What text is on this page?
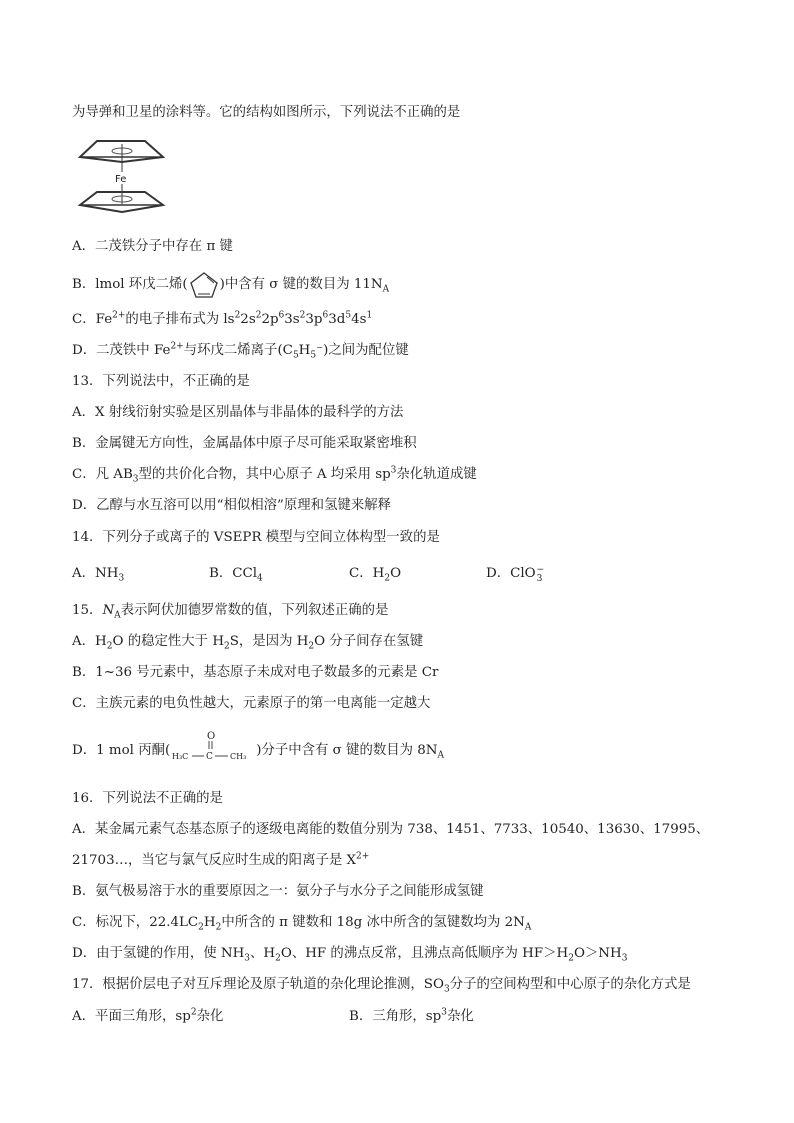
为导弹和卫星的涂料等。它的结构如图所示，下列说法不正确的是
Fe
A．二茂铁分子中存在 π 键
B．lmol 环戊二烯( )中含有 σ 键的数目为 $11N_A$
C．$Fe^{2+}$的电子排布式为 $ls^22s^22p^63s^23p^63d^54s^1$
D．二茂铁中 $Fe^{2+}$与环戊二烯离子$(C_5H_5^-)$之间为配位键
13．下列说法中，不正确的是
A．X 射线衍射实验是区别晶体与非晶体的最科学的方法
B．金属键无方向性，金属晶体中原子尽可能采取紧密堆积
C．凡 $AB_3$型的共价化合物，其中心原子 A 均采用 $sp^3$杂化轨道成键
D．乙醇与水互溶可以用“相似相溶”原理和氢键来解释
14．下列分子或离子的 VSEPR 模型与空间立体构型一致的是
A．$NH_3$	B．CCl$_4$	C．$H_2O$	D．ClO −
3
15．$N_A$表示阿伏加德罗常数的值，下列叙述正确的是
A．$H_2O$ 的稳定性大于 $H_2S$，是因为 $H_2O$ 分子间存在氢键
B．1~36 号元素中，基态原子未成对电子数最多的元素是 Cr
C．主族元素的电负性越大，元素原子的第一电离能一定越大
D．1 mol 丙酮(
O
H₃C C CH₃ )分子中含有 σ 键的数目为 $8N_A$
16．下列说法不正确的是
A．某金属元素气态基态原子的逐级电离能的数值分别为 738、1451、7733、10540、13630、17995、
21703…，当它与氯气反应时生成的阳离子是 $X^{2+}$
B．氨气极易溶于水的重要原因之一：氨分子与水分子之间能形成氢键
C．标况下，$22.4LC_2H_2$中所含的 π 键数和 18g 冰中所含的氢键数均为 $2N_A$
D．由于氢键的作用，使 $NH_3$、$H_2O$、HF 的沸点反常，且沸点高低顺序为 $HF>H_2O>NH_3$
17．根据价层电子对互斥理论及原子轨道的杂化理论推测，$SO_3$分子的空间构型和中心原子的杂化方式是
A．平面三角形，$sp^2$杂化	B．三角形，$sp^3$杂化
